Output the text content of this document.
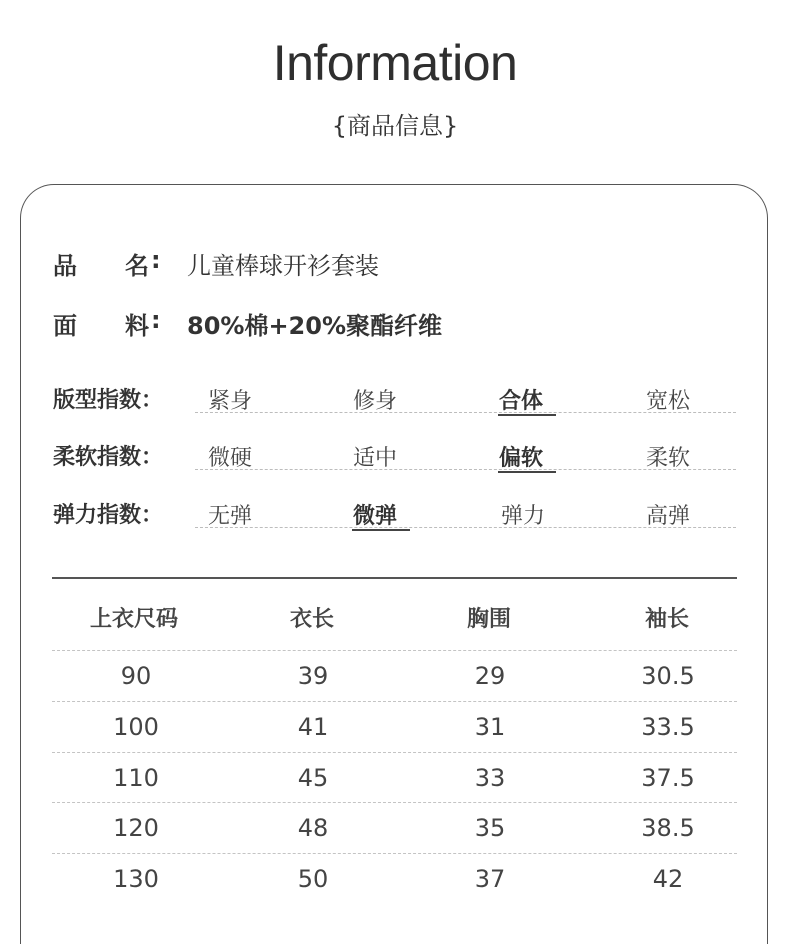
Information
{商品信息}
品	名 : 儿童棒球开衫套装
面	料 : 80%棉+20%聚酯纤维
版型指数： 紧身	修身	合体	宽松
柔软指数： 微硬	适中	偏软	柔软
弹力指数： 无弹	微弹	弹力	高弹
上衣尺码	衣长	胸围	袖长
90	39	29	30.5
100	41	31	33.5
110	45	33	37.5
120	48	35	38.5
130	50	37	42
